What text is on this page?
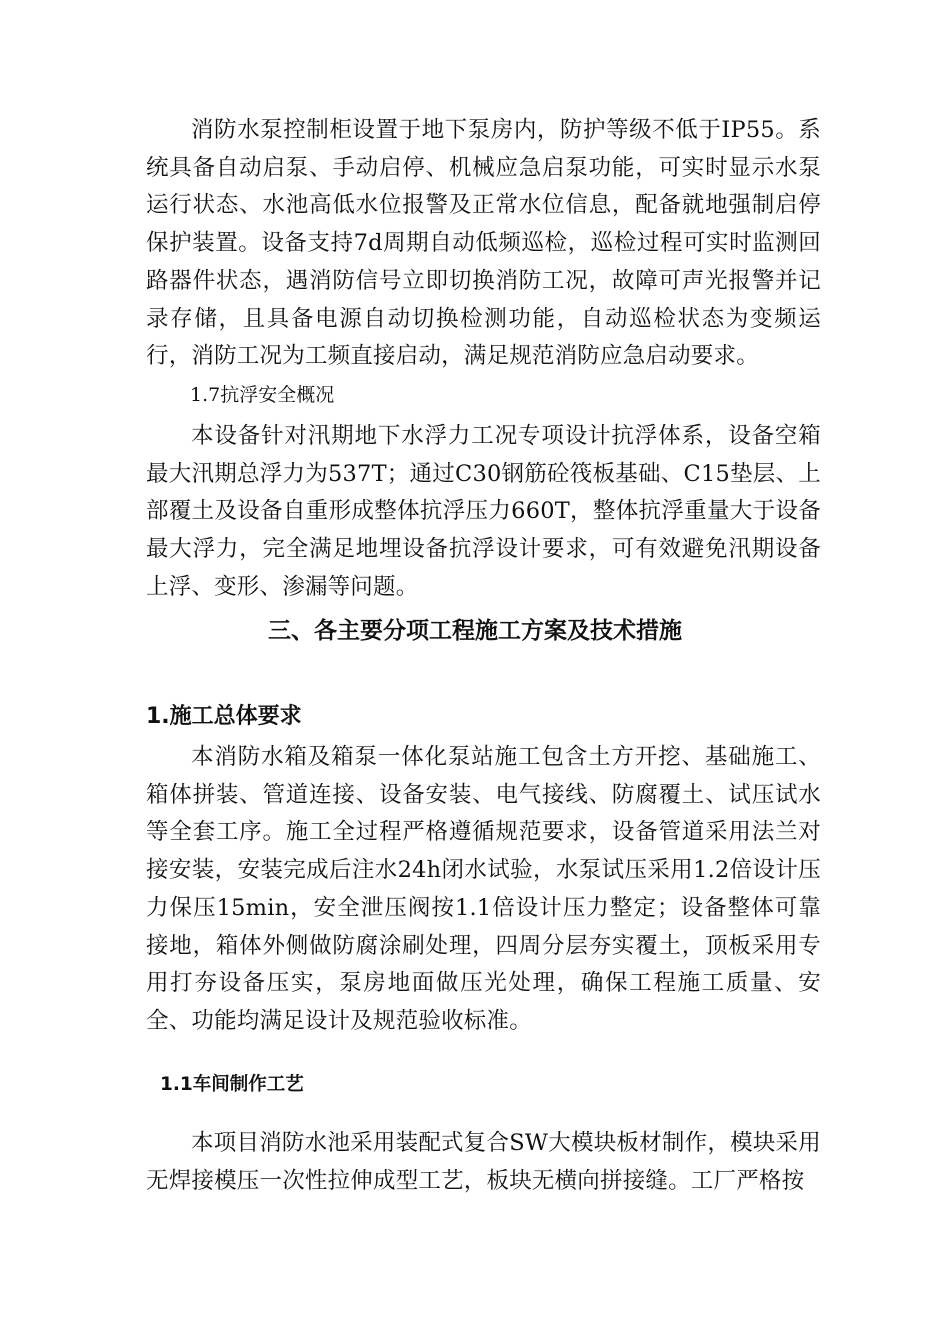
消防水泵控制柜设置于地下泵房内，防护等级不低于IP55。系统具备自动启泵、手动启停、机械应急启泵功能，可实时显示水泵运行状态、水池高低水位报警及正常水位信息，配备就地强制启停保护装置。设备支持7d周期自动低频巡检，巡检过程可实时监测回路器件状态，遇消防信号立即切换消防工况，故障可声光报警并记录存储，且具备电源自动切换检测功能，自动巡检状态为变频运行，消防工况为工频直接启动，满足规范消防应急启动要求。

1.7抗浮安全概况

本设备针对汛期地下水浮力工况专项设计抗浮体系，设备空箱最大汛期总浮力为537T；通过C30钢筋砼筏板基础、C15垫层、上部覆土及设备自重形成整体抗浮压力660T，整体抗浮重量大于设备最大浮力，完全满足地埋设备抗浮设计要求，可有效避免汛期设备上浮、变形、渗漏等问题。

三、各主要分项工程施工方案及技术措施
1.施工总体要求

本消防水箱及箱泵一体化泵站施工包含土方开挖、基础施工、箱体拼装、管道连接、设备安装、电气接线、防腐覆土、试压试水等全套工序。施工全过程严格遵循规范要求，设备管道采用法兰对接安装，安装完成后注水24h闭水试验，水泵试压采用1.2倍设计压力保压15min，安全泄压阀按1.1倍设计压力整定；设备整体可靠接地，箱体外侧做防腐涂刷处理，四周分层夯实覆土，顶板采用专用打夯设备压实，泵房地面做压光处理，确保工程施工质量、安全、功能均满足设计及规范验收标准。

1.1车间制作工艺

本项目消防水池采用装配式复合SW大模块板材制作，模块采用无焊接模压一次性拉伸成型工艺，板块无横向拼接缝。工厂严格按
